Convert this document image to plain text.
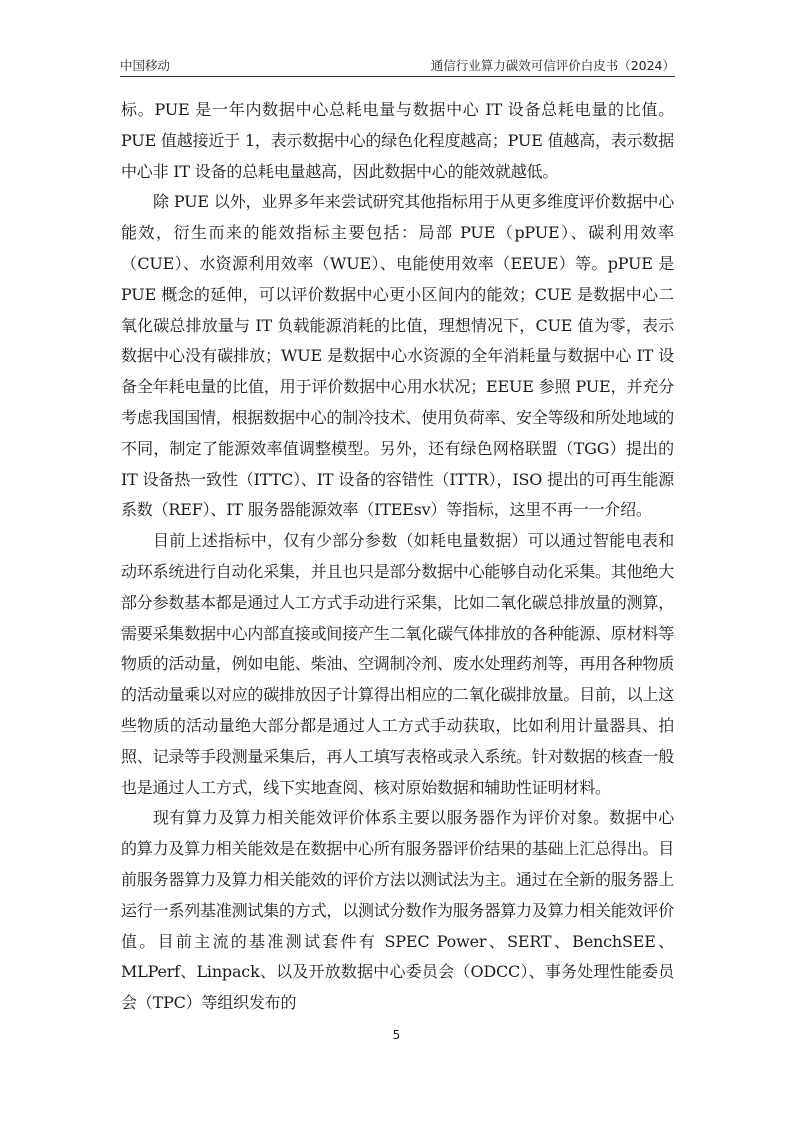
中国移动	通信行业算力碳效可信评价白皮书（2024）

标。PUE 是一年内数据中心总耗电量与数据中心 IT 设备总耗电量的比值。PUE 值越接近于 1，表示数据中心的绿色化程度越高；PUE 值越高，表示数据中心非 IT 设备的总耗电量越高，因此数据中心的能效就越低。

除 PUE 以外，业界多年来尝试研究其他指标用于从更多维度评价数据中心能效，衍生而来的能效指标主要包括：局部 PUE（pPUE）、碳利用效率（CUE）、水资源利用效率（WUE）、电能使用效率（EEUE）等。pPUE 是 PUE 概念的延伸，可以评价数据中心更小区间内的能效；CUE 是数据中心二氧化碳总排放量与 IT 负载能源消耗的比值，理想情况下，CUE 值为零，表示数据中心没有碳排放；WUE 是数据中心水资源的全年消耗量与数据中心 IT 设备全年耗电量的比值，用于评价数据中心用水状况；EEUE 参照 PUE，并充分考虑我国国情，根据数据中心的制冷技术、使用负荷率、安全等级和所处地域的不同，制定了能源效率值调整模型。另外，还有绿色网格联盟（TGG）提出的 IT 设备热一致性（ITTC）、IT 设备的容错性（ITTR），ISO 提出的可再生能源系数（REF）、IT 服务器能源效率（ITEEsv）等指标，这里不再一一介绍。

目前上述指标中，仅有少部分参数（如耗电量数据）可以通过智能电表和动环系统进行自动化采集，并且也只是部分数据中心能够自动化采集。其他绝大部分参数基本都是通过人工方式手动进行采集，比如二氧化碳总排放量的测算，需要采集数据中心内部直接或间接产生二氧化碳气体排放的各种能源、原材料等物质的活动量，例如电能、柴油、空调制冷剂、废水处理药剂等，再用各种物质的活动量乘以对应的碳排放因子计算得出相应的二氧化碳排放量。目前，以上这些物质的活动量绝大部分都是通过人工方式手动获取，比如利用计量器具、拍照、记录等手段测量采集后，再人工填写表格或录入系统。针对数据的核查一般也是通过人工方式，线下实地查阅、核对原始数据和辅助性证明材料。

现有算力及算力相关能效评价体系主要以服务器作为评价对象。数据中心的算力及算力相关能效是在数据中心所有服务器评价结果的基础上汇总得出。目前服务器算力及算力相关能效的评价方法以测试法为主。通过在全新的服务器上运行一系列基准测试集的方式，以测试分数作为服务器算力及算力相关能效评价值。目前主流的基准测试套件有 SPEC Power、SERT、BenchSEE、MLPerf、Linpack、以及开放数据中心委员会（ODCC）、事务处理性能委员会（TPC）等组织发布的

5
